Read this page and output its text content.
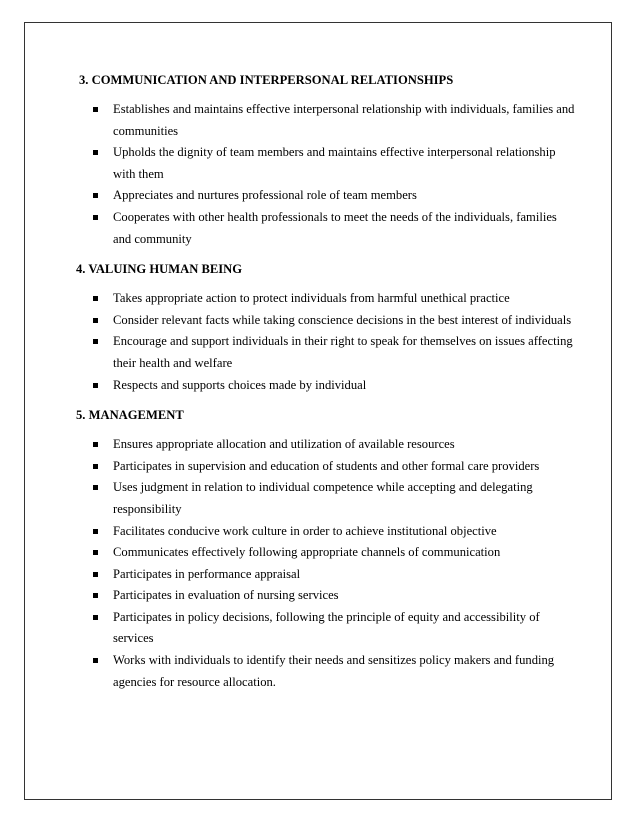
3. COMMUNICATION AND INTERPERSONAL RELATIONSHIPS
Establishes and maintains effective interpersonal relationship with individuals, families and communities
Upholds the dignity of team members and maintains effective interpersonal relationship with them
Appreciates and nurtures professional role of team members
Cooperates with other health professionals to meet the needs of the individuals, families and community
4. VALUING HUMAN BEING
Takes appropriate action to protect individuals from harmful unethical practice
Consider relevant facts while taking conscience decisions in the best interest of individuals
Encourage and support individuals in their right to speak for themselves on issues affecting their health and welfare
Respects and supports choices made by individual
5. MANAGEMENT
Ensures appropriate allocation and utilization of available resources
Participates in supervision and education of students and other formal care providers
Uses judgment in relation to individual competence while accepting and delegating responsibility
Facilitates conducive work culture in order to achieve institutional objective
Communicates effectively following appropriate channels of communication
Participates in performance appraisal
Participates in evaluation of nursing services
Participates in policy decisions, following the principle of equity and accessibility of services
Works with individuals to identify their needs and sensitizes policy makers and funding agencies for resource allocation.
